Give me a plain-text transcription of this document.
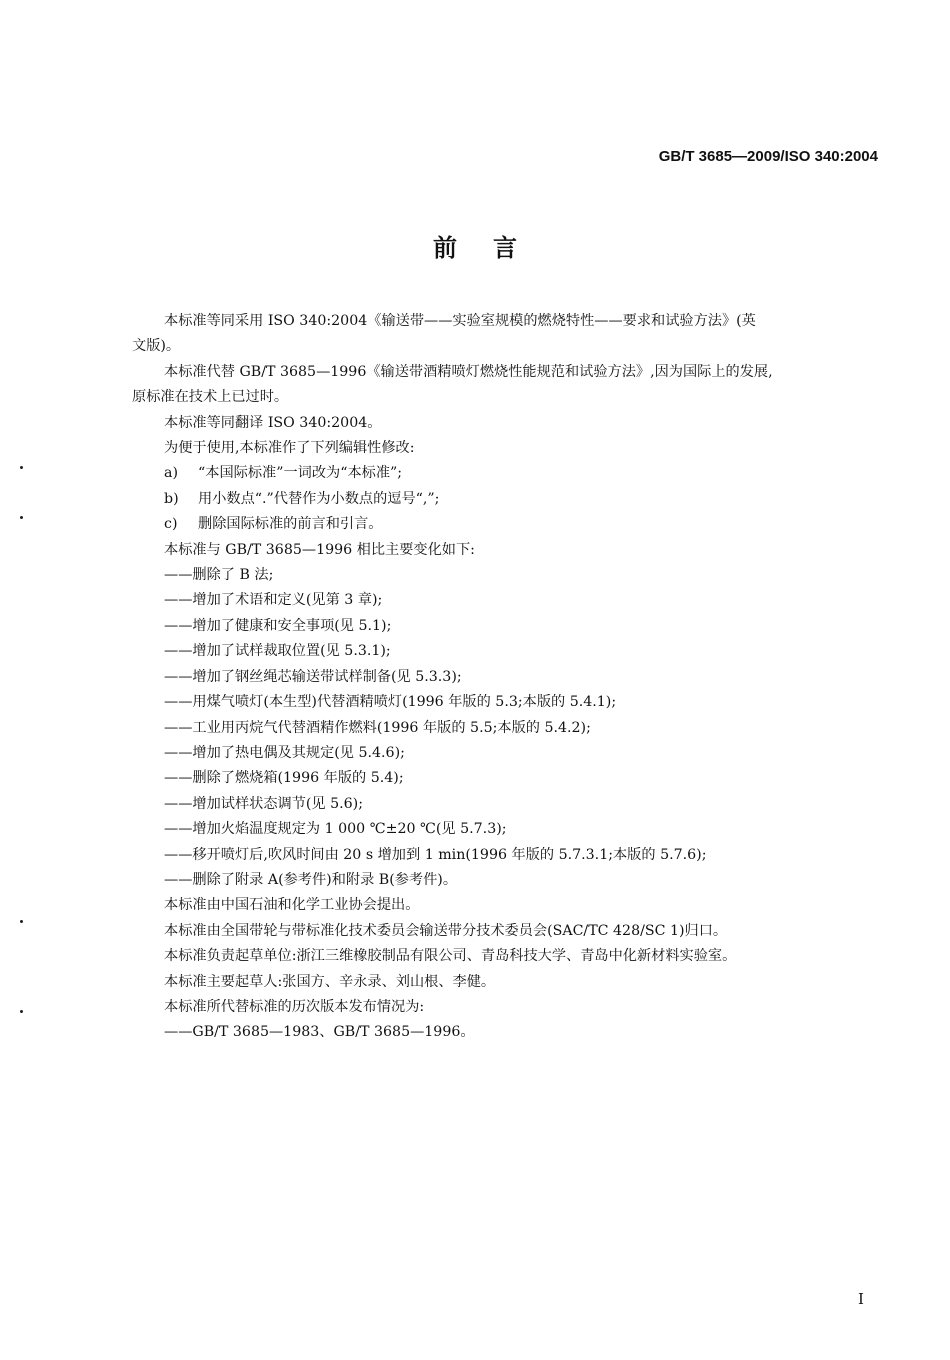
GB/T 3685—2009/ISO 340:2004
前言

本标准等同采用 ISO 340:2004《输送带——实验室规模的燃烧特性——要求和试验方法》(英

文版)。

本标准代替 GB/T 3685—1996《输送带酒精喷灯燃烧性能规范和试验方法》,因为国际上的发展,

原标准在技术上已过时。

本标准等同翻译 ISO 340:2004。

为便于使用,本标准作了下列编辑性修改:

a) “本国际标准”一词改为“本标准”;

b) 用小数点“.”代替作为小数点的逗号“,”;

c) 删除国际标准的前言和引言。

本标准与 GB/T 3685—1996 相比主要变化如下:

——删除了 B 法;

——增加了术语和定义(见第 3 章);

——增加了健康和安全事项(见 5.1);

——增加了试样裁取位置(见 5.3.1);

——增加了钢丝绳芯输送带试样制备(见 5.3.3);

——用煤气喷灯(本生型)代替酒精喷灯(1996 年版的 5.3;本版的 5.4.1);

——工业用丙烷气代替酒精作燃料(1996 年版的 5.5;本版的 5.4.2);

——增加了热电偶及其规定(见 5.4.6);

——删除了燃烧箱(1996 年版的 5.4);

——增加试样状态调节(见 5.6);

——增加火焰温度规定为 1 000 ℃±20 ℃(见 5.7.3);

——移开喷灯后,吹风时间由 20 s 增加到 1 min(1996 年版的 5.7.3.1;本版的 5.7.6);

——删除了附录 A(参考件)和附录 B(参考件)。

本标准由中国石油和化学工业协会提出。

本标准由全国带轮与带标准化技术委员会输送带分技术委员会(SAC/TC 428/SC 1)归口。

本标准负责起草单位:浙江三维橡胶制品有限公司、青岛科技大学、青岛中化新材料实验室。

本标准主要起草人:张国方、辛永录、刘山根、李健。

本标准所代替标准的历次版本发布情况为:

——GB/T 3685—1983、GB/T 3685—1996。

I
